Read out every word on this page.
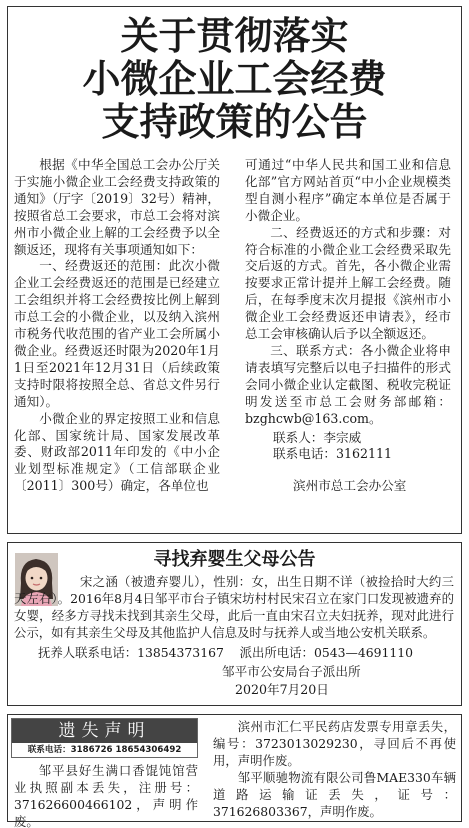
关于贯彻落实
小微企业工会经费
支持政策的公告
根据《中华全国总工会办公厅关于实施小微企业工会经费支持政策的通知》（厅字〔2019〕32号）精神，按照省总工会要求，市总工会将对滨州市小微企业上解的工会经费予以全额返还，现将有关事项通知如下：
一、经费返还的范围：此次小微企业工会经费返还的范围是已经建立工会组织并将工会经费按比例上解到市总工会的小微企业，以及纳入滨州市税务代收范围的省产业工会所属小微企业。经费返还时限为2020年1月1日至2021年12月31日（后续政策支持时限将按照全总、省总文件另行通知）。
小微企业的界定按照工业和信息化部、国家统计局、国家发展改革委、财政部2011年印发的《中小企业划型标准规定》（工信部联企业〔2011〕300号）确定，各单位也
可通过“中华人民共和国工业和信息化部”官方网站首页“中小企业规模类型自测小程序”确定本单位是否属于小微企业。
二、经费返还的方式和步骤：对符合标准的小微企业工会经费采取先交后返的方式。首先，各小微企业需按要求正常计提并上解工会经费。随后，在每季度末次月提报《滨州市小微企业工会经费返还申请表》，经市总工会审核确认后予以全额返还。
三、联系方式：各小微企业将申请表填写完整后以电子扫描件的形式会同小微企业认定截图、税收完税证明发送至市总工会财务部邮箱：bzghcwb@163.com。
联系人：李宗威
联系电话：3162111
滨州市总工会办公室
寻找弃婴生父母公告
宋之涵（被遗弃婴儿），性别：女，出生日期不详（被捡拾时大约三天左右）。2016年8月4日邹平市台子镇宋坊村村民宋召立在家门口发现被遗弃的女婴，经多方寻找未找到其亲生父母，此后一直由宋召立夫妇抚养，现对此进行公示，如有其亲生父母及其他监护人信息及时与抚养人或当地公安机关联系。
抚养人联系电话：13854373167    派出所电话：0543—4691110
邹平市公安局台子派出所
2020年7月20日
遗失声明
联系电话：3186726 18654306492
邹平县好生满口香馄饨馆营业执照副本丢失，注册号：371626600466102，声明作废。
滨州市汇仁平民药店发票专用章丢失，编号：3723013029230，寻回后不再使用，声明作废。
邹平顺驰物流有限公司鲁MAE330车辆道路运输证丢失，证号：371626803367，声明作废。
